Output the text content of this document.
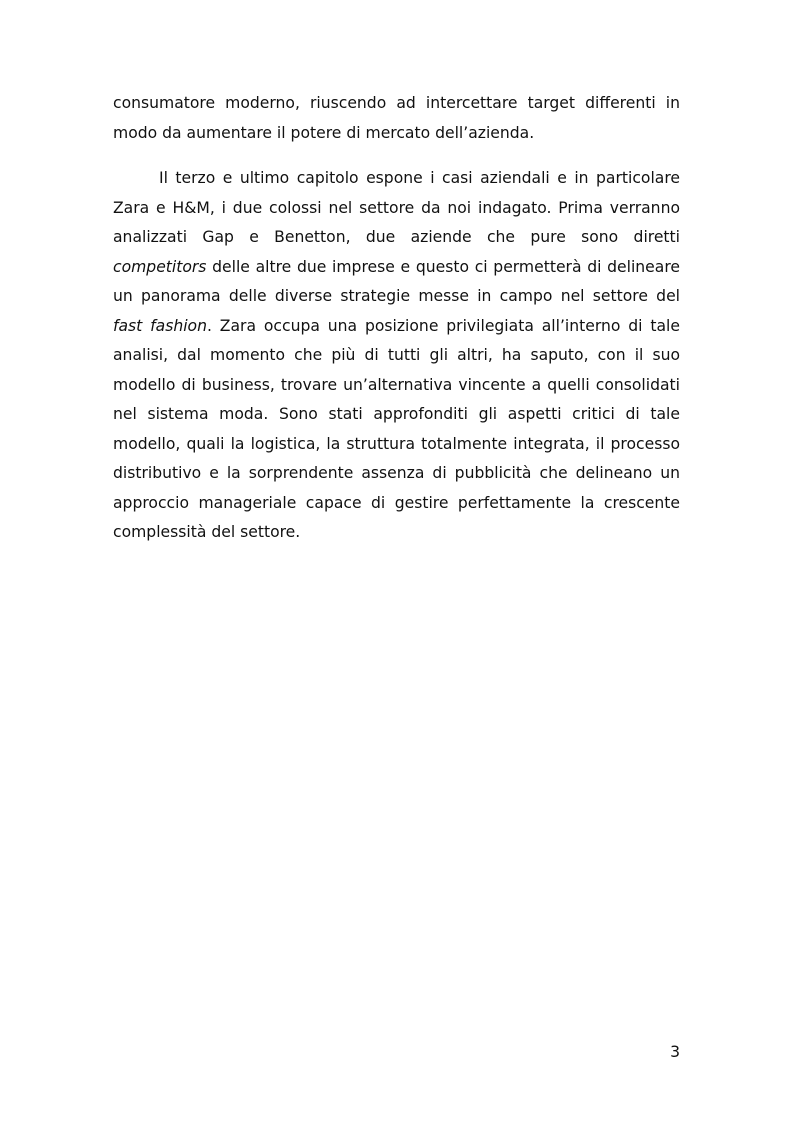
consumatore moderno, riuscendo ad intercettare target differenti in modo da aumentare il potere di mercato dell’azienda.

Il terzo e ultimo capitolo espone i casi aziendali e in particolare Zara e H&M, i due colossi nel settore da noi indagato. Prima verranno analizzati Gap e Benetton, due aziende che pure sono diretti competitors delle altre due imprese e questo ci permetterà di delineare un panorama delle diverse strategie messe in campo nel settore del fast fashion. Zara occupa una posizione privilegiata all’interno di tale analisi, dal momento che più di tutti gli altri, ha saputo, con il suo modello di business, trovare un’alternativa vincente a quelli consolidati nel sistema moda. Sono stati approfonditi gli aspetti critici di tale modello, quali la logistica, la struttura totalmente integrata, il processo distributivo e la sorprendente assenza di pubblicità che delineano un approccio manageriale capace di gestire perfettamente la crescente complessità del settore.

3
